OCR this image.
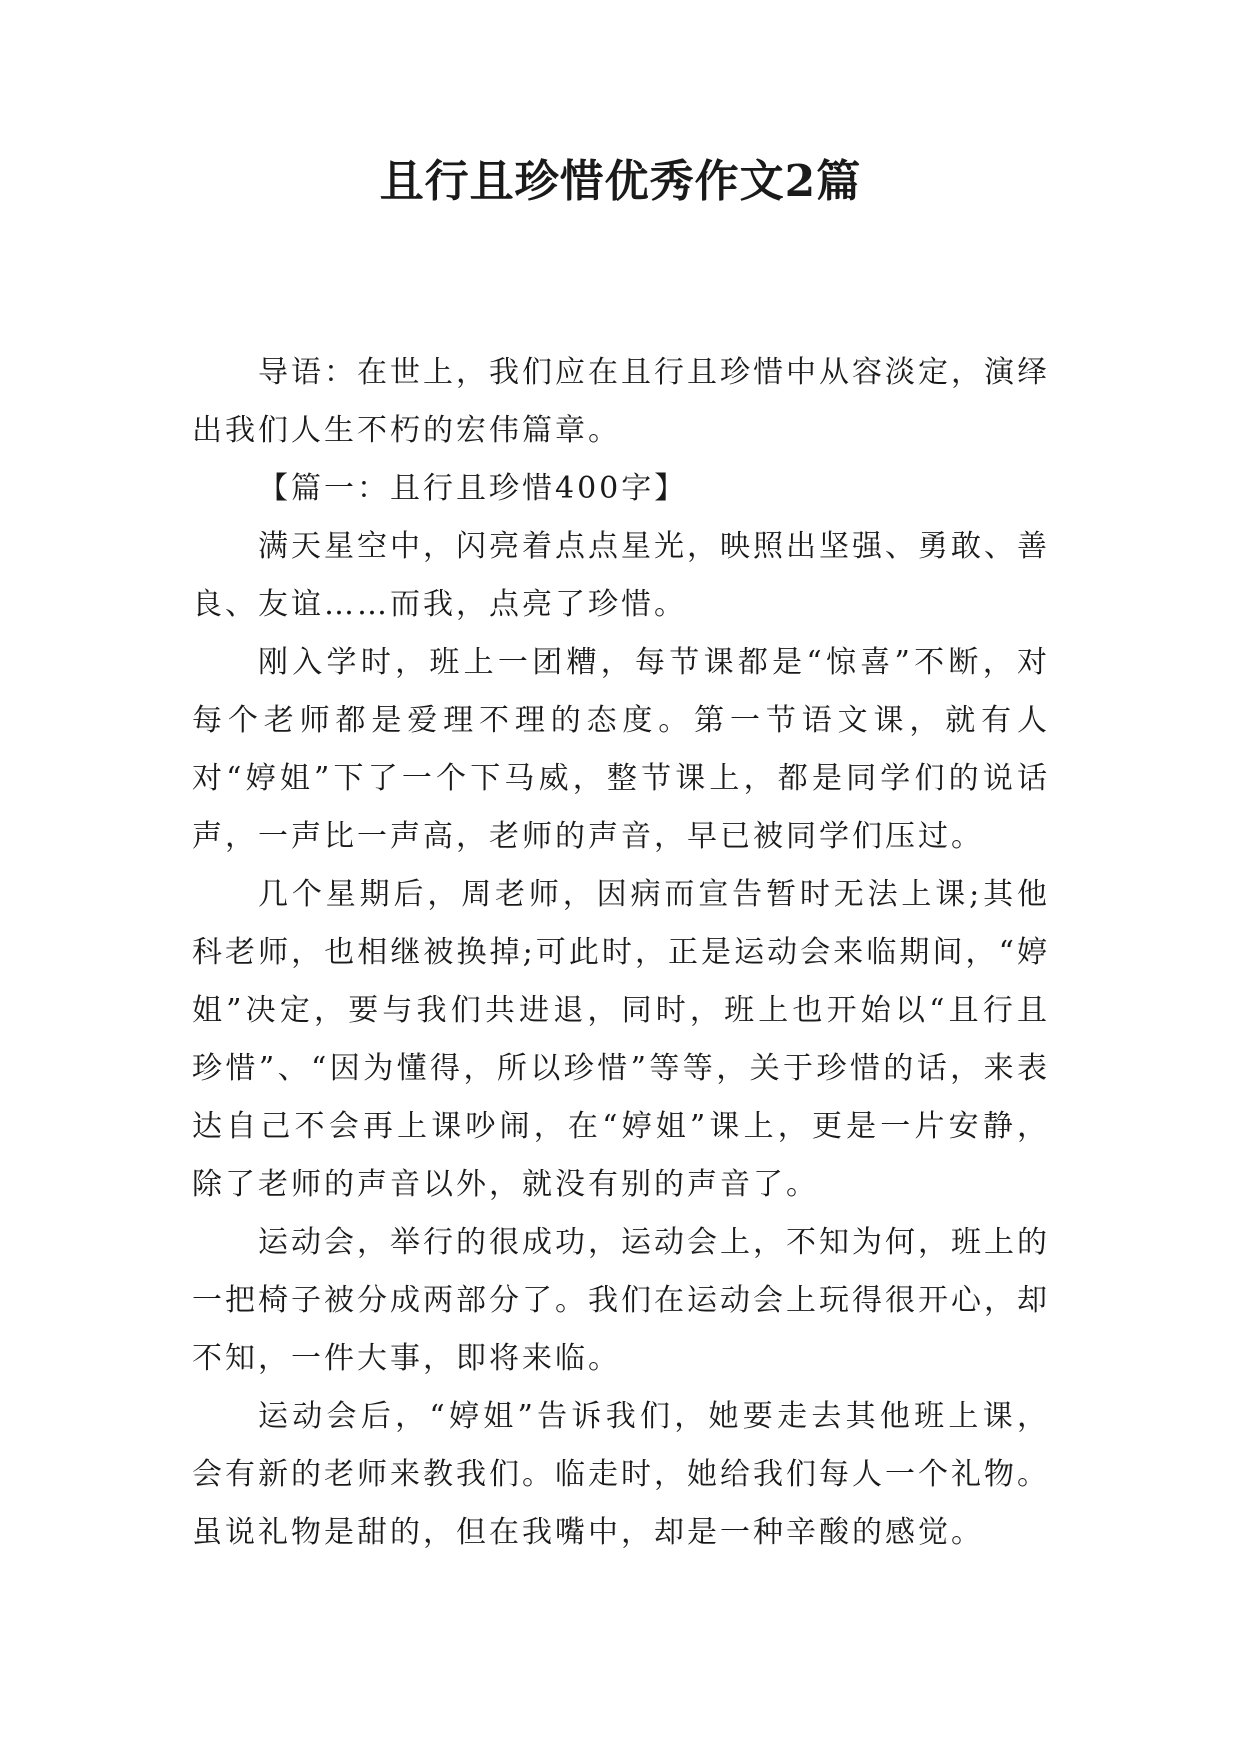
且行且珍惜优秀作文2篇

导语：在世上，我们应在且行且珍惜中从容淡定，演绎出我们人生不朽的宏伟篇章。

【篇一：且行且珍惜400字】

满天星空中，闪亮着点点星光，映照出坚强、勇敢、善良、友谊……而我，点亮了珍惜。

刚入学时，班上一团糟，每节课都是“惊喜”不断，对每个老师都是爱理不理的态度。第一节语文课，就有人对“婷姐”下了一个下马威，整节课上，都是同学们的说话声，一声比一声高，老师的声音，早已被同学们压过。

几个星期后，周老师，因病而宣告暂时无法上课;其他科老师，也相继被换掉;可此时，正是运动会来临期间，“婷姐”决定，要与我们共进退，同时，班上也开始以“且行且珍惜”、“因为懂得，所以珍惜”等等，关于珍惜的话，来表达自己不会再上课吵闹，在“婷姐”课上，更是一片安静，除了老师的声音以外，就没有别的声音了。

运动会，举行的很成功，运动会上，不知为何，班上的一把椅子被分成两部分了。我们在运动会上玩得很开心，却不知，一件大事，即将来临。

运动会后，“婷姐”告诉我们，她要走去其他班上课，会有新的老师来教我们。临走时，她给我们每人一个礼物。虽说礼物是甜的，但在我嘴中，却是一种辛酸的感觉。
